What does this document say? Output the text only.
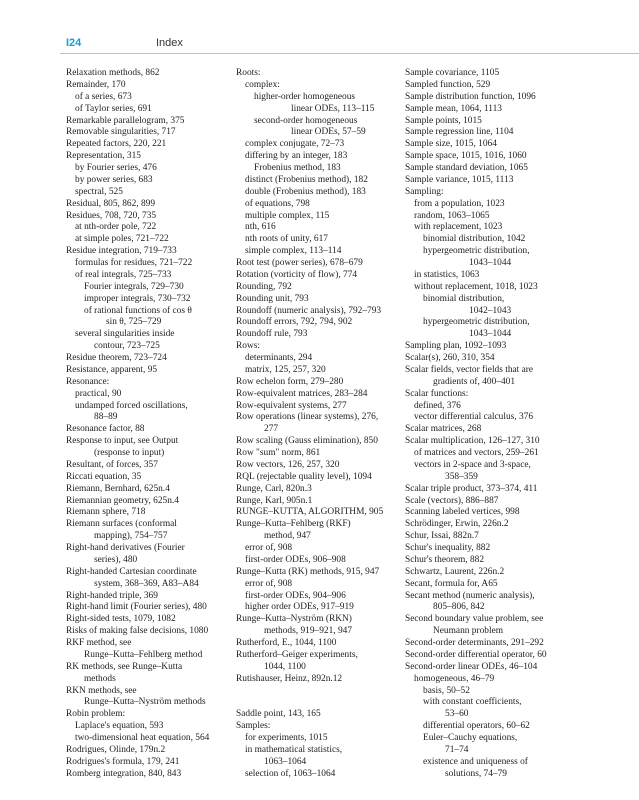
I24	Index
Relaxation methods, 862
Remainder, 170
of a series, 673
of Taylor series, 691
Remarkable parallelogram, 375
Removable singularities, 717
Repeated factors, 220, 221
Representation, 315
by Fourier series, 476
by power series, 683
spectral, 525
Residual, 805, 862, 899
Residues, 708, 720, 735
at nth-order pole, 722
at simple poles, 721–722
Residue integration, 719–733
formulas for residues, 721–722
of real integrals, 725–733
Fourier integrals, 729–730
improper integrals, 730–732
of rational functions of cos θ
sin θ, 725–729
several singularities inside
contour, 723–725
Residue theorem, 723–724
Resistance, apparent, 95
Resonance:
practical, 90
undamped forced oscillations,
88–89
Resonance factor, 88
Response to input, see Output
(response to input)
Resultant, of forces, 357
Riccati equation, 35
Riemann, Bernhard, 625n.4
Riemannian geometry, 625n.4
Riemann sphere, 718
Riemann surfaces (conformal
mapping), 754–757
Right-hand derivatives (Fourier
series), 480
Right-handed Cartesian coordinate
system, 368–369, A83–A84
Right-handed triple, 369
Right-hand limit (Fourier series), 480
Right-sided tests, 1079, 1082
Risks of making false decisions, 1080
RKF method, see
Runge–Kutta–Fehlberg method
RK methods, see Runge–Kutta
methods
RKN methods, see
Runge–Kutta–Nyström methods
Robin problem:
Laplace's equation, 593
two-dimensional heat equation, 564
Rodrigues, Olinde, 179n.2
Rodrigues's formula, 179, 241
Romberg integration, 840, 843
Roots:
complex:
higher-order homogeneous
linear ODEs, 113–115
second-order homogeneous
linear ODEs, 57–59
complex conjugate, 72–73
differing by an integer, 183
Frobenius method, 183
distinct (Frobenius method), 182
double (Frobenius method), 183
of equations, 798
multiple complex, 115
nth, 616
nth roots of unity, 617
simple complex, 113–114
Root test (power series), 678–679
Rotation (vorticity of flow), 774
Rounding, 792
Rounding unit, 793
Roundoff (numeric analysis), 792–793
Roundoff errors, 792, 794, 902
Roundoff rule, 793
Rows:
determinants, 294
matrix, 125, 257, 320
Row echelon form, 279–280
Row-equivalent matrices, 283–284
Row-equivalent systems, 277
Row operations (linear systems), 276,
277
Row scaling (Gauss elimination), 850
Row "sum" norm, 861
Row vectors, 126, 257, 320
RQL (rejectable quality level), 1094
Runge, Carl, 820n.3
Runge, Karl, 905n.1
RUNGE–KUTTA, ALGORITHM, 905
Runge–Kutta–Fehlberg (RKF)
method, 947
error of, 908
first-order ODEs, 906–908
Runge–Kutta (RK) methods, 915, 947
error of, 908
first-order ODEs, 904–906
higher order ODEs, 917–919
Runge–Kutta–Nyström (RKN)
methods, 919–921, 947
Rutherford, E., 1044, 1100
Rutherford–Geiger experiments,
1044, 1100
Rutishauser, Heinz, 892n.12
Saddle point, 143, 165
Samples:
for experiments, 1015
in mathematical statistics,
1063–1064
selection of, 1063–1064
Sample covariance, 1105
Sampled function, 529
Sample distribution function, 1096
Sample mean, 1064, 1113
Sample points, 1015
Sample regression line, 1104
Sample size, 1015, 1064
Sample space, 1015, 1016, 1060
Sample standard deviation, 1065
Sample variance, 1015, 1113
Sampling:
from a population, 1023
random, 1063–1065
with replacement, 1023
binomial distribution, 1042
hypergeometric distribution,
1043–1044
in statistics, 1063
without replacement, 1018, 1023
binomial distribution,
1042–1043
hypergeometric distribution,
1043–1044
Sampling plan, 1092–1093
Scalar(s), 260, 310, 354
Scalar fields, vector fields that are
gradients of, 400–401
Scalar functions:
defined, 376
vector differential calculus, 376
Scalar matrices, 268
Scalar multiplication, 126–127, 310
of matrices and vectors, 259–261
vectors in 2-space and 3-space,
358–359
Scalar triple product, 373–374, 411
Scale (vectors), 886–887
Scanning labeled vertices, 998
Schrödinger, Erwin, 226n.2
Schur, Issai, 882n.7
Schur's inequality, 882
Schur's theorem, 882
Schwartz, Laurent, 226n.2
Secant, formula for, A65
Secant method (numeric analysis),
805–806, 842
Second boundary value problem, see
Neumann problem
Second-order determinants, 291–292
Second-order differential operator, 60
Second-order linear ODEs, 46–104
homogeneous, 46–79
basis, 50–52
with constant coefficients,
53–60
differential operators, 60–62
Euler–Cauchy equations,
71–74
existence and uniqueness of
solutions, 74–79
